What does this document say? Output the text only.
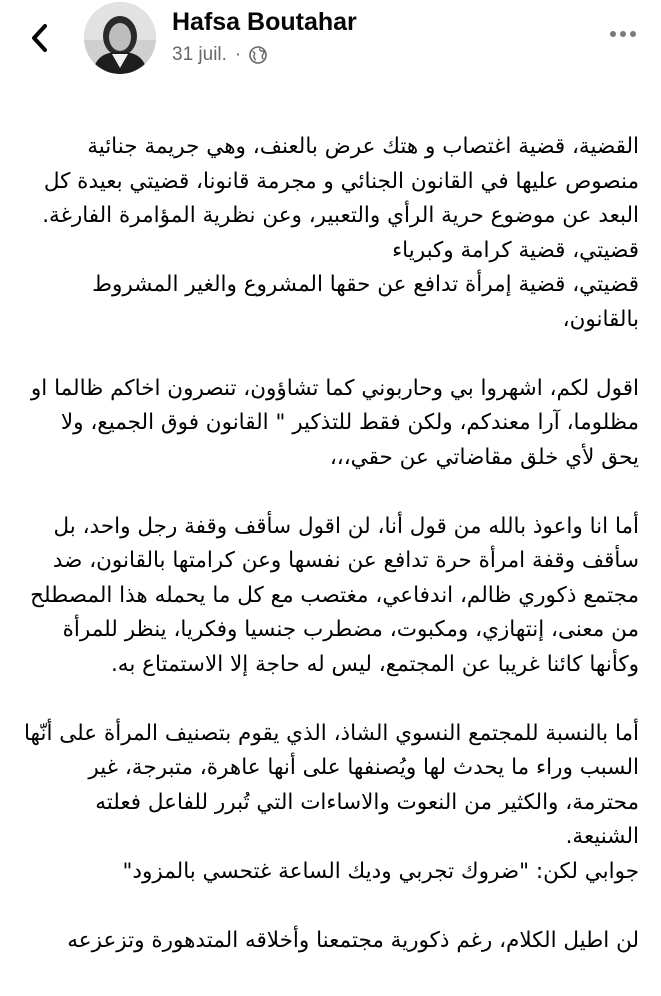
Hafsa Boutahar
31 juil. ·

القضية، قضية اغتصاب و هتك عرض بالعنف، وهي جريمة جنائية منصوص عليها في القانون الجنائي و مجرمة قانونا، قضيتي بعيدة كل البعد عن موضوع حرية الرأي والتعبير، وعن نظرية المؤامرة الفارغة.

قضيتي، قضية كرامة وكبرياء

قضيتي، قضية إمرأة تدافع عن حقها المشروع والغير المشروط بالقانون،

اقول لكم، اشهروا بي وحاربوني كما تشاؤون، تنصرون اخاكم ظالما او مظلوما، آرا معندكم، ولكن فقط للتذكير " القانون فوق الجميع، ولا يحق لأي خلق مقاضاتي عن حقي،،،

أما انا واعوذ بالله من قول أنا، لن اقول سأقف وقفة رجل واحد، بل سأقف وقفة امرأة حرة تدافع عن نفسها وعن كرامتها بالقانون، ضد مجتمع ذكوري ظالم، اندفاعي، مغتصب مع كل ما يحمله هذا المصطلح من معنى، إنتهازي، ومكبوت، مضطرب جنسيا وفكريا، ينظر للمرأة وكأنها كائنا غريبا عن المجتمع، ليس له حاجة إلا الاستمتاع به.

أما بالنسبة للمجتمع النسوي الشاذ، الذي يقوم بتصنيف المرأة على أنّها السبب وراء ما يحدث لها ويُصنفها على أنها عاهرة، متبرجة، غير محترمة، والكثير من النعوت والاساءات التي تُبرر للفاعل فعلته الشنيعة.

جوابي لكن: "ضروك تجربي وديك الساعة غتحسي بالمزود"

لن اطيل الكلام، رغم ذكورية مجتمعنا وأخلاقه المتدهورة وتزعزعه
